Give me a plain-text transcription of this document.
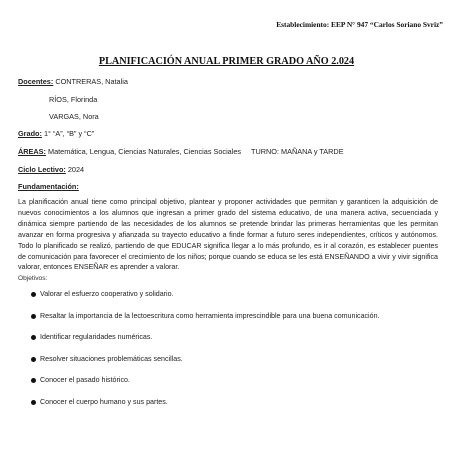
Establecimiento: EEP N° 947 “Carlos Soriano Svriz”
PLANIFICACIÓN ANUAL PRIMER GRADO AÑO 2.024
Docentes: CONTRERAS, Natalia
RÍOS, Florinda
VARGAS, Nora
Grado: 1° “A”, “B” y “C”
ÁREAS: Matemática, Lengua, Ciencias Naturales, Ciencias Sociales TURNO: MAÑANA y TARDE
Ciclo Lectivo: 2024
Fundamentación:
La planificación anual tiene como principal objetivo, plantear y proponer actividades que permitan y garanticen la adquisición de nuevos conocimientos a los alumnos que ingresan a primer grado del sistema educativo, de una manera activa, secuenciada y dinámica siempre partiendo de las necesidades de los alumnos se pretende brindar las primeras herramientas que les permitan avanzar en forma progresiva y afianzada su trayecto educativo a finde formar a futuro seres independientes, críticos y autónomos. Todo lo planificado se realizó, partiendo de que EDUCAR significa llegar a lo más profundo, es ir al corazón, es establecer puentes de comunicación para favorecer el crecimiento de los niños; porque cuando se educa se les está ENSEÑANDO a vivir y vivir significa valorar, entonces ENSEÑAR es aprender a valorar.
Objetivos:
Valorar el esfuerzo cooperativo y solidario.
Resaltar la importancia de la lectoescritura como herramienta imprescindible para una buena comunicación.
Identificar regularidades numéricas.
Resolver situaciones problemáticas sencillas.
Conocer el pasado histórico.
Conocer el cuerpo humano y sus partes.
